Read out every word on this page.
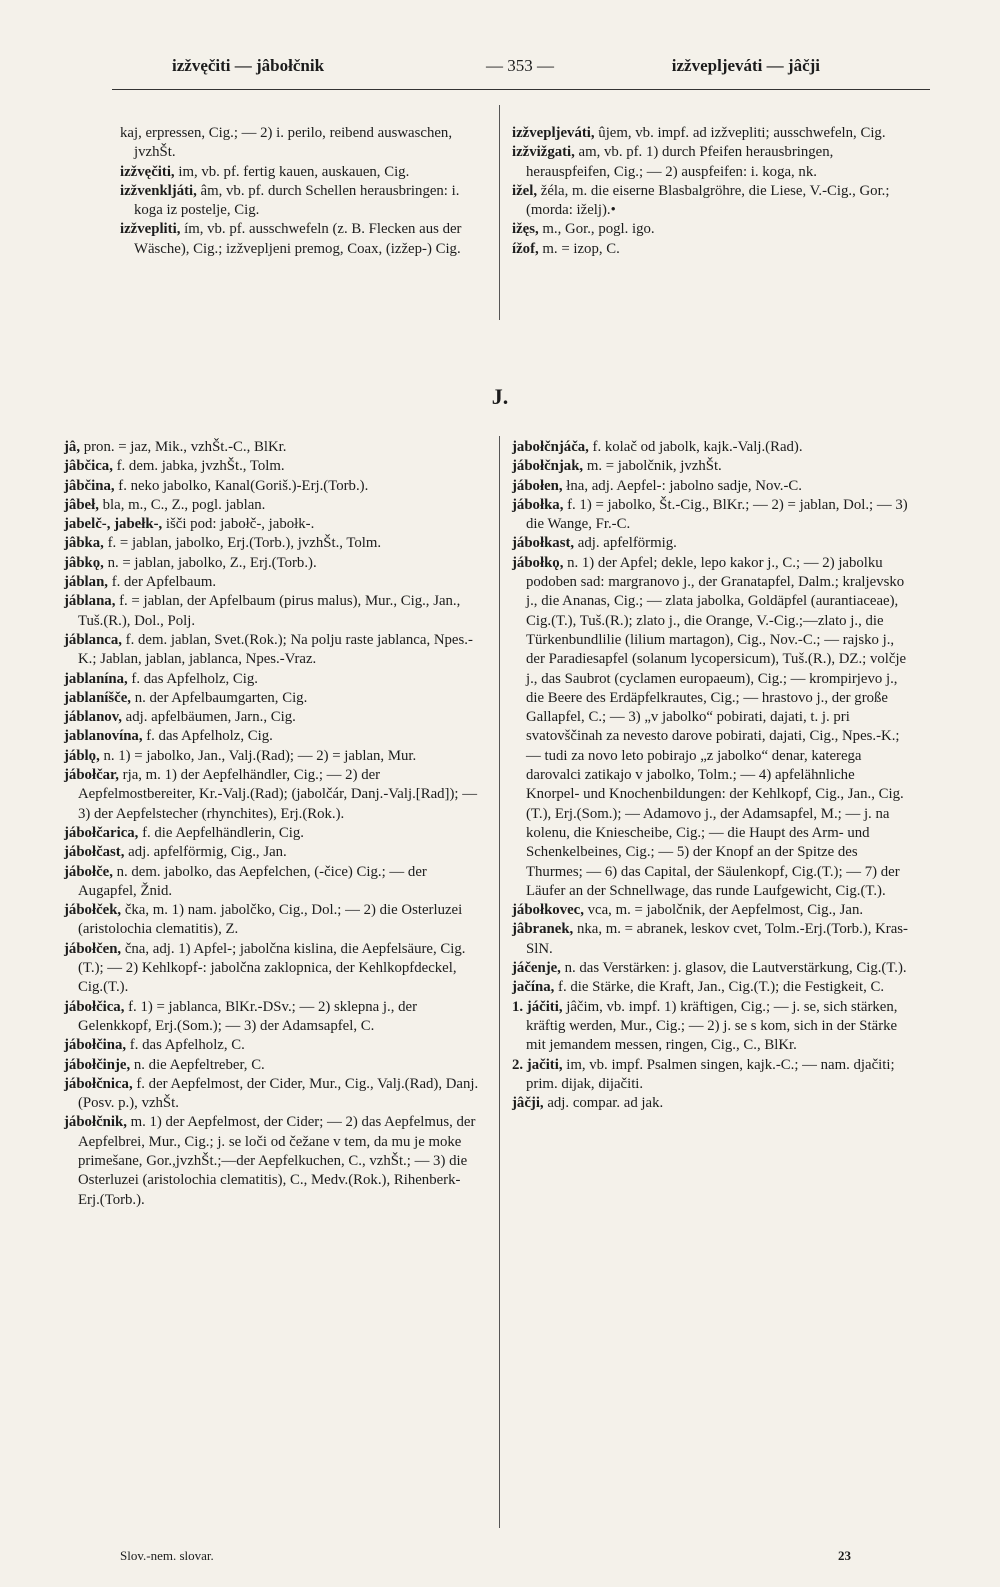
izžvęčiti — jâbołčnik	— 353 —	izžvepljeváti — jâčji

kaj, erpressen, Cig.; — 2) i. perilo, reibend auswaschen, jvzhŠt.

izžvęčiti, im, vb. pf. fertig kauen, auskauen, Cig.

izžvenkljáti, âm, vb. pf. durch Schellen herausbringen: i. koga iz postelje, Cig.

izžvepliti, ím, vb. pf. ausschwefeln (z. B. Flecken aus der Wäsche), Cig.; izžvepljeni premog, Coax, (izžep-) Cig.

izžvepljeváti, ûjem, vb. impf. ad izžvepliti; ausschwefeln, Cig.

izžvižgati, am, vb. pf. 1) durch Pfeifen herausbringen, herauspfeifen, Cig.; — 2) auspfeifen: i. koga, nk.

ižel, žéla, m. die eiserne Blasbalgröhre, die Liese, V.-Cig., Gor.; (morda: iželj).•

ižęs, m., Gor., pogl. igo.

ížof, m. = izop, C.

J.

jâ, pron. = jaz, Mik., vzhŠt.-C., BlKr.

jâbčica, f. dem. jabka, jvzhŠt., Tolm.

jâbčina, f. neko jabolko, Kanal(Goriš.)-Erj.(Torb.).

jâbeł, bla, m., C., Z., pogl. jablan.

jabelč-, jabełk-, išči pod: jabołč-, jabołk-.

jâbka, f. = jablan, jabolko, Erj.(Torb.), jvzhŠt., Tolm.

jâbkǫ, n. = jablan, jabolko, Z., Erj.(Torb.).

jáblan, f. der Apfelbaum.

jáblana, f. = jablan, der Apfelbaum (pirus malus), Mur., Cig., Jan., Tuš.(R.), Dol., Polj.

jáblanca, f. dem. jablan, Svet.(Rok.); Na polju raste jablanca, Npes.-K.; Jablan, jablan, jablanca, Npes.-Vraz.

jablanína, f. das Apfelholz, Cig.

jablaníšče, n. der Apfelbaumgarten, Cig.

jáblanov, adj. apfelbäumen, Jarn., Cig.

jablanovína, f. das Apfelholz, Cig.

jáblǫ, n. 1) = jabolko, Jan., Valj.(Rad); — 2) = jablan, Mur.

jábołčar, rja, m. 1) der Aepfelhändler, Cig.; — 2) der Aepfelmostbereiter, Kr.-Valj.(Rad); (jabolčár, Danj.-Valj.[Rad]); — 3) der Aepfelstecher (rhynchites), Erj.(Rok.).

jábołčarica, f. die Aepfelhändlerin, Cig.

jábołčast, adj. apfelförmig, Cig., Jan.

jábołče, n. dem. jabolko, das Aepfelchen, (-čice) Cig.; — der Augapfel, Žnid.

jábołček, čka, m. 1) nam. jabolčko, Cig., Dol.; — 2) die Osterluzei (aristolochia clematitis), Z.

jábołčen, čna, adj. 1) Apfel-; jabolčna kislina, die Aepfelsäure, Cig.(T.); — 2) Kehlkopf-: jabolčna zaklopnica, der Kehlkopfdeckel, Cig.(T.).

jábołčica, f. 1) = jablanca, BlKr.-DSv.; — 2) sklepna j., der Gelenkkopf, Erj.(Som.); — 3) der Adamsapfel, C.

jábołčina, f. das Apfelholz, C.

jábołčinje, n. die Aepfeltreber, C.

jábołčnica, f. der Aepfelmost, der Cider, Mur., Cig., Valj.(Rad), Danj.(Posv. p.), vzhŠt.

jábołčnik, m. 1) der Aepfelmost, der Cider; — 2) das Aepfelmus, der Aepfelbrei, Mur., Cig.; j. se loči od čežane v tem, da mu je moke primešane, Gor.,jvzhŠt.;—der Aepfelkuchen, C., vzhŠt.; — 3) die Osterluzei (aristolochia clematitis), C., Medv.(Rok.), Rihenberk-Erj.(Torb.).

jabołčnjáča, f. kolač od jabolk, kajk.-Valj.(Rad).

jábołčnjak, m. = jabolčnik, jvzhŠt.

jábołen, łna, adj. Aepfel-: jabolno sadje, Nov.-C.

jábołka, f. 1) = jabolko, Št.-Cig., BlKr.; — 2) = jablan, Dol.; — 3) die Wange, Fr.-C.

jábołkast, adj. apfelförmig.

jábołkǫ, n. 1) der Apfel; dekle, lepo kakor j., C.; — 2) jabolku podoben sad: margranovo j., der Granatapfel, Dalm.; kraljevsko j., die Ananas, Cig.; — zlata jabolka, Goldäpfel (aurantiaceae), Cig.(T.), Tuš.(R.); zlato j., die Orange, V.-Cig.;—zlato j., die Türkenbundlilie (lilium martagon), Cig., Nov.-C.; — rajsko j., der Paradiesapfel (solanum lycopersicum), Tuš.(R.), DZ.; volčje j., das Saubrot (cyclamen europaeum), Cig.; — krompirjevo j., die Beere des Erdäpfelkrautes, Cig.; — hrastovo j., der große Gallapfel, C.; — 3) „v jabolko“ pobirati, dajati, t. j. pri svatovščinah za nevesto darove pobirati, dajati, Cig., Npes.-K.; — tudi za novo leto pobirajo „z jabolko“ denar, katerega darovalci zatikajo v jabolko, Tolm.; — 4) apfelähnliche Knorpel- und Knochenbildungen: der Kehlkopf, Cig., Jan., Cig.(T.), Erj.(Som.); — Adamovo j., der Adamsapfel, M.; — j. na kolenu, die Kniescheibe, Cig.; — die Haupt des Arm- und Schenkelbeines, Cig.; — 5) der Knopf an der Spitze des Thurmes; — 6) das Capital, der Säulenkopf, Cig.(T.); — 7) der Läufer an der Schnellwage, das runde Laufgewicht, Cig.(T.).

jábołkovec, vca, m. = jabolčnik, der Aepfelmost, Cig., Jan.

jâbranek, nka, m. = abranek, leskov cvet, Tolm.-Erj.(Torb.), Kras-SlN.

jáčenje, n. das Verstärken: j. glasov, die Lautverstärkung, Cig.(T.).

jačína, f. die Stärke, die Kraft, Jan., Cig.(T.); die Festigkeit, C.

1. jáčiti, jâčim, vb. impf. 1) kräftigen, Cig.; — j. se, sich stärken, kräftig werden, Mur., Cig.; — 2) j. se s kom, sich in der Stärke mit jemandem messen, ringen, Cig., C., BlKr.

2. jačiti, im, vb. impf. Psalmen singen, kajk.-C.; — nam. djačiti; prim. dijak, dijačiti.

jâčji, adj. compar. ad jak.

Slov.-nem. slovar.	23
